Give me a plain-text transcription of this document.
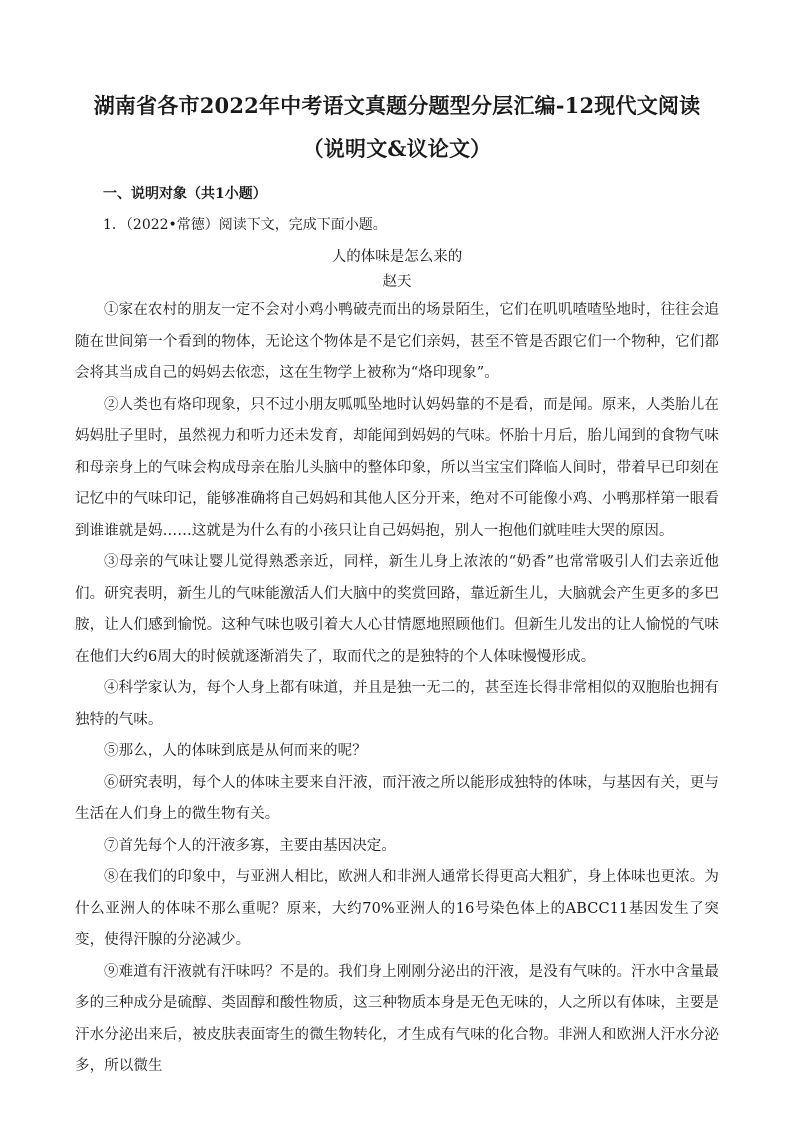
湖南省各市2022年中考语文真题分题型分层汇编-12现代文阅读（说明文&议论文）
一、说明对象（共1小题）
1．（2022•常德）阅读下文，完成下面小题。
人的体味是怎么来的
赵天

①家在农村的朋友一定不会对小鸡小鸭破壳而出的场景陌生，它们在叽叽喳喳坠地时，往往会追随在世间第一个看到的物体，无论这个物体是不是它们亲妈，甚至不管是否跟它们一个物种，它们都会将其当成自己的妈妈去依恋，这在生物学上被称为“烙印现象”。

②人类也有烙印现象，只不过小朋友呱呱坠地时认妈妈靠的不是看，而是闻。原来，人类胎儿在妈妈肚子里时，虽然视力和听力还未发育，却能闻到妈妈的气味。怀胎十月后，胎儿闻到的食物气味和母亲身上的气味会构成母亲在胎儿头脑中的整体印象，所以当宝宝们降临人间时，带着早已印刻在记忆中的气味印记，能够准确将自己妈妈和其他人区分开来，绝对不可能像小鸡、小鸭那样第一眼看到谁谁就是妈……这就是为什么有的小孩只让自己妈妈抱，别人一抱他们就哇哇大哭的原因。

③母亲的气味让婴儿觉得熟悉亲近，同样，新生儿身上浓浓的“奶香”也常常吸引人们去亲近他们。研究表明，新生儿的气味能激活人们大脑中的奖赏回路，靠近新生儿，大脑就会产生更多的多巴胺，让人们感到愉悦。这种气味也吸引着大人心甘情愿地照顾他们。但新生儿发出的让人愉悦的气味在他们大约6周大的时候就逐渐消失了，取而代之的是独特的个人体味慢慢形成。

④科学家认为，每个人身上都有味道，并且是独一无二的，甚至连长得非常相似的双胞胎也拥有独特的气味。

⑤那么，人的体味到底是从何而来的呢？

⑥研究表明，每个人的体味主要来自汗液，而汗液之所以能形成独特的体味，与基因有关，更与生活在人们身上的微生物有关。

⑦首先每个人的汗液多寡，主要由基因决定。

⑧在我们的印象中，与亚洲人相比，欧洲人和非洲人通常长得更高大粗犷，身上体味也更浓。为什么亚洲人的体味不那么重呢？原来，大约70%亚洲人的16号染色体上的ABCC11基因发生了突变，使得汗腺的分泌减少。

⑨难道有汗液就有汗味吗？不是的。我们身上刚刚分泌出的汗液，是没有气味的。汗水中含量最多的三种成分是硫醇、类固醇和酸性物质，这三种物质本身是无色无味的，人之所以有体味，主要是汗水分泌出来后，被皮肤表面寄生的微生物转化，才生成有气味的化合物。非洲人和欧洲人汗水分泌多，所以微生
